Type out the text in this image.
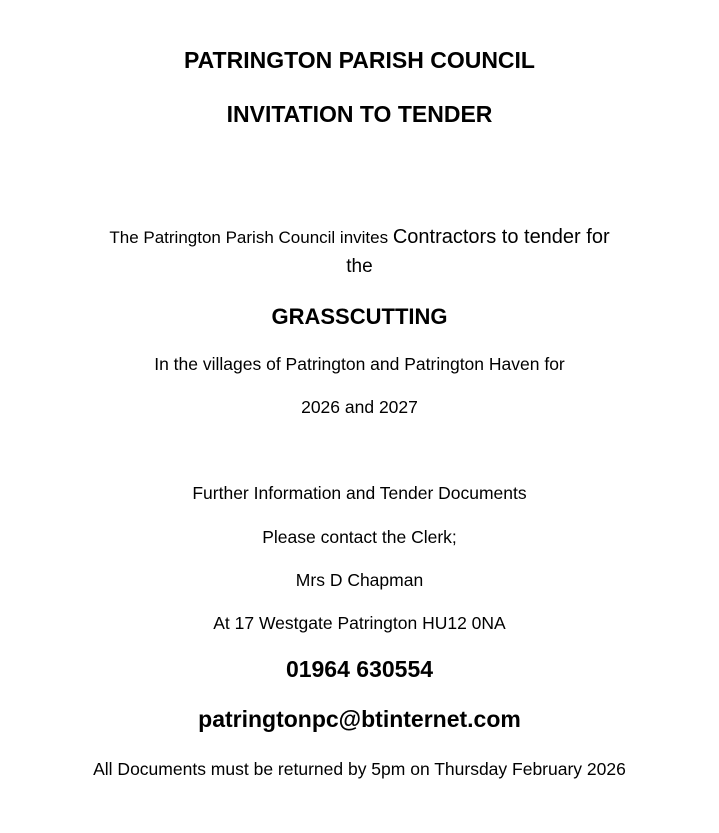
PATRINGTON PARISH COUNCIL
INVITATION TO TENDER
The Patrington Parish Council invites Contractors to tender for
the
GRASSCUTTING
In the villages of Patrington and Patrington Haven for
2026 and 2027
Further Information and Tender Documents
Please contact the Clerk;
Mrs D Chapman
At 17 Westgate Patrington HU12 0NA
01964 630554
patringtonpc@btinternet.com
All Documents must be returned by 5pm on Thursday February 2026
